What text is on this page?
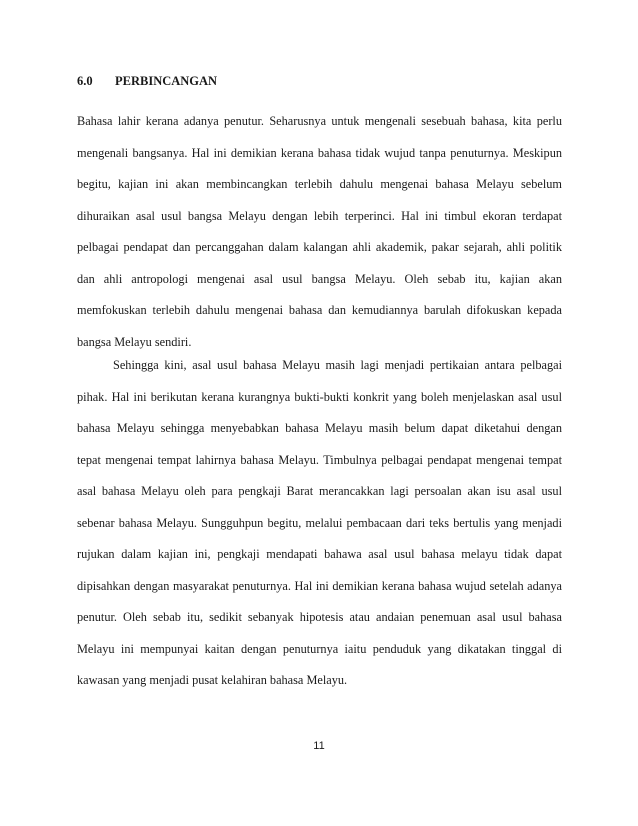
6.0	PERBINCANGAN
Bahasa lahir kerana adanya penutur. Seharusnya untuk mengenali sesebuah bahasa, kita perlu
mengenali bangsanya. Hal ini demikian kerana bahasa tidak wujud tanpa penuturnya. Meskipun
begitu, kajian ini akan membincangkan terlebih dahulu mengenai bahasa Melayu sebelum
dihuraikan asal usul bangsa Melayu dengan lebih terperinci. Hal ini timbul ekoran terdapat
pelbagai pendapat dan percanggahan dalam kalangan ahli akademik, pakar sejarah, ahli politik
dan ahli antropologi mengenai asal usul bangsa Melayu. Oleh sebab itu, kajian akan
memfokuskan terlebih dahulu mengenai bahasa dan kemudiannya barulah difokuskan kepada
bangsa Melayu sendiri.
Sehingga kini, asal usul bahasa Melayu masih lagi menjadi pertikaian antara pelbagai
pihak. Hal ini berikutan kerana kurangnya bukti-bukti konkrit yang boleh menjelaskan asal usul
bahasa Melayu sehingga menyebabkan bahasa Melayu masih belum dapat diketahui dengan
tepat mengenai tempat lahirnya bahasa Melayu. Timbulnya pelbagai pendapat mengenai tempat
asal bahasa Melayu oleh para pengkaji Barat merancakkan lagi persoalan akan isu asal usul
sebenar bahasa Melayu. Sungguhpun begitu, melalui pembacaan dari teks bertulis yang menjadi
rujukan dalam kajian ini, pengkaji mendapati bahawa asal usul bahasa melayu tidak dapat
dipisahkan dengan masyarakat penuturnya. Hal ini demikian kerana bahasa wujud setelah adanya
penutur. Oleh sebab itu, sedikit sebanyak hipotesis atau andaian penemuan asal usul bahasa
Melayu ini mempunyai kaitan dengan penuturnya iaitu penduduk yang dikatakan tinggal di
kawasan yang menjadi pusat kelahiran bahasa Melayu.
11
